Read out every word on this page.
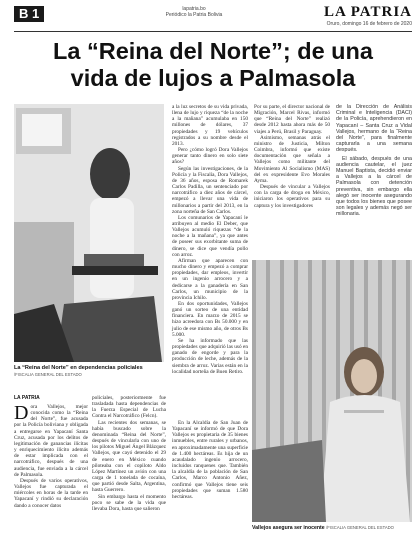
B 1	lapatria.bo
Periódico la Patria Bolivia	LA PATRIA
Oruro, domingo 16 de febrero de 2020
La “Reina del Norte”; de una
vida de lujos a Palmasola
La “Reina del Norte” en dependencias policiales
/FISCALIA GENERAL DEL ESTADO
LA PATRIA

Dora Vallejos, mejor conocida como la “Reina del Norte”, fue acusada por la Policía boliviana y obligada a entregarse en Yapacaní Santa Cruz, acusada por los delitos de legitimación de ganancias ilícitas y enriquecimiento ilícito además de estar implicada con el narcotráfico, después de una audiencia, fue enviada a la cárcel de Palmasola.

Después de varios operativos, Vallejos fue capturada el miércoles en horas de la tarde en Yapacaní y rindió su declaración dando a conocer datos

policiales, posteriormente fue trasladada hasta dependencias de la Fuerza Especial de Lucha Contra el Narcotráfico (Felcn).

Las recientes dos semanas, se había buscado sobre la denominada “Reina del Norte”, después de vincularla con uno de los pilotos Miguel Ángel Blázquez Vallejos, que cayó detenido el 29 de enero en México cuando piloteaba con el copiloto Aldo López Martínez un avión con una carga de 1 tonelada de cocaína, que partió desde Salta, Argentina, hasta Guerrero.

Sin embargo hasta el momento poco se sabe de la vida que llevaba Dora, hasta que salieron

a la luz secretos de su vida privada, llena de lujo y riqueza “de la noche a la mañana” acumulaba en 150 millones de dólares, 37 propiedades y 19 vehículos registrados a su nombre desde el 2013.

Pero ¿cómo logró Dora Vallejos generar tanto dinero en solo siete años?

Según las investigaciones, de la Policía y la Fiscalía, Dora Vallejos, de 36 años, esposa de Romarek Carlos Padilla, un sentenciado por narcotráfico a diez años de cárcel, empezó a llevar una vida de millonarios a partir del 2013, en la zona norteña de San Carlos.

Los comunarios de Yapacaní le atribuyen al medio El Deber, que Vallejos acumuló riquezas “de la noche a la mañana”, ya que antes de poseer sus exorbitante suma de dinero, se dice que vendía pollo con arroz.

Afirman que aparecen con mucho dinero y empezó a comprar propiedades, dar empleos, invertir en un ingenio arrocero y a dedicarse a la ganadería en San Carlos, un municipio de la provincia Ichilo.

En dos oportunidades, Vallejos ganó un sorteo de una entidad financiera. En marzo de 2015 se hizo acreedora con Bs 50.000 y en julio de ese mismo año, de otros Bs 5.000.

Se ha informado que las propiedades que adquirió las usó en ganado de engorde y para la producción de leche, además de la siembra de arroz. Varias están en la localidad norteña de Buen Retiro.

Por su parte, el director nacional de Migración, Marcel Rivas, informó que “Reina del Norte” realizó desde 2012 hasta ahora más de 50 viajes a Perú, Brasil y Paraguay.

Asimismo, semanas atrás el ministro de Justicia, Milton Coimbra, informó que existe documentación que señala a Vallejos como militante del Movimiento Al Socialismo (MAS) del ex expresidente Evo Morales Ayma.

Después de vincular a Vallejos con la carga de droga en México, iniciaron los operativos para su captura y los investigadores

En la Alcaldía de San Juan de Yapacaní se informó de que Dora Vallejos es propietaria de 35 bienes inmuebles, entre rurales y urbanos, en aproximadamente una superficie de 1.400 hectáreas. Es hija de un acaudalado ingenio arrocero, incluidos ranquenes que. También la alcaldía de la población de San Carlos, Marco Antonio Añez, confirmó que Vallejos tiene seis propiedades que suman 1.580 hectáreas.

de la Dirección de Análisis Criminal e Inteligencia (DACI) de la Policía, aprehendieron en Yapacaní – Santa Cruz a Vidal Vallejos, hermano de la “Reina del Norte”, para finalmente capturarla a una semana después.

El sábado, después de una audiencia cautelar, el juez Manuel Baptista, decidió enviar a Vallejos a la cárcel de Palmasola con detención preventiva, sin embargo ella alegó ser inocente asegurando que todos los bienes que posee son legales y además negó ser millonaria.

Vallejos asegura ser inocente /FISCALIA GENERAL DEL ESTADO
